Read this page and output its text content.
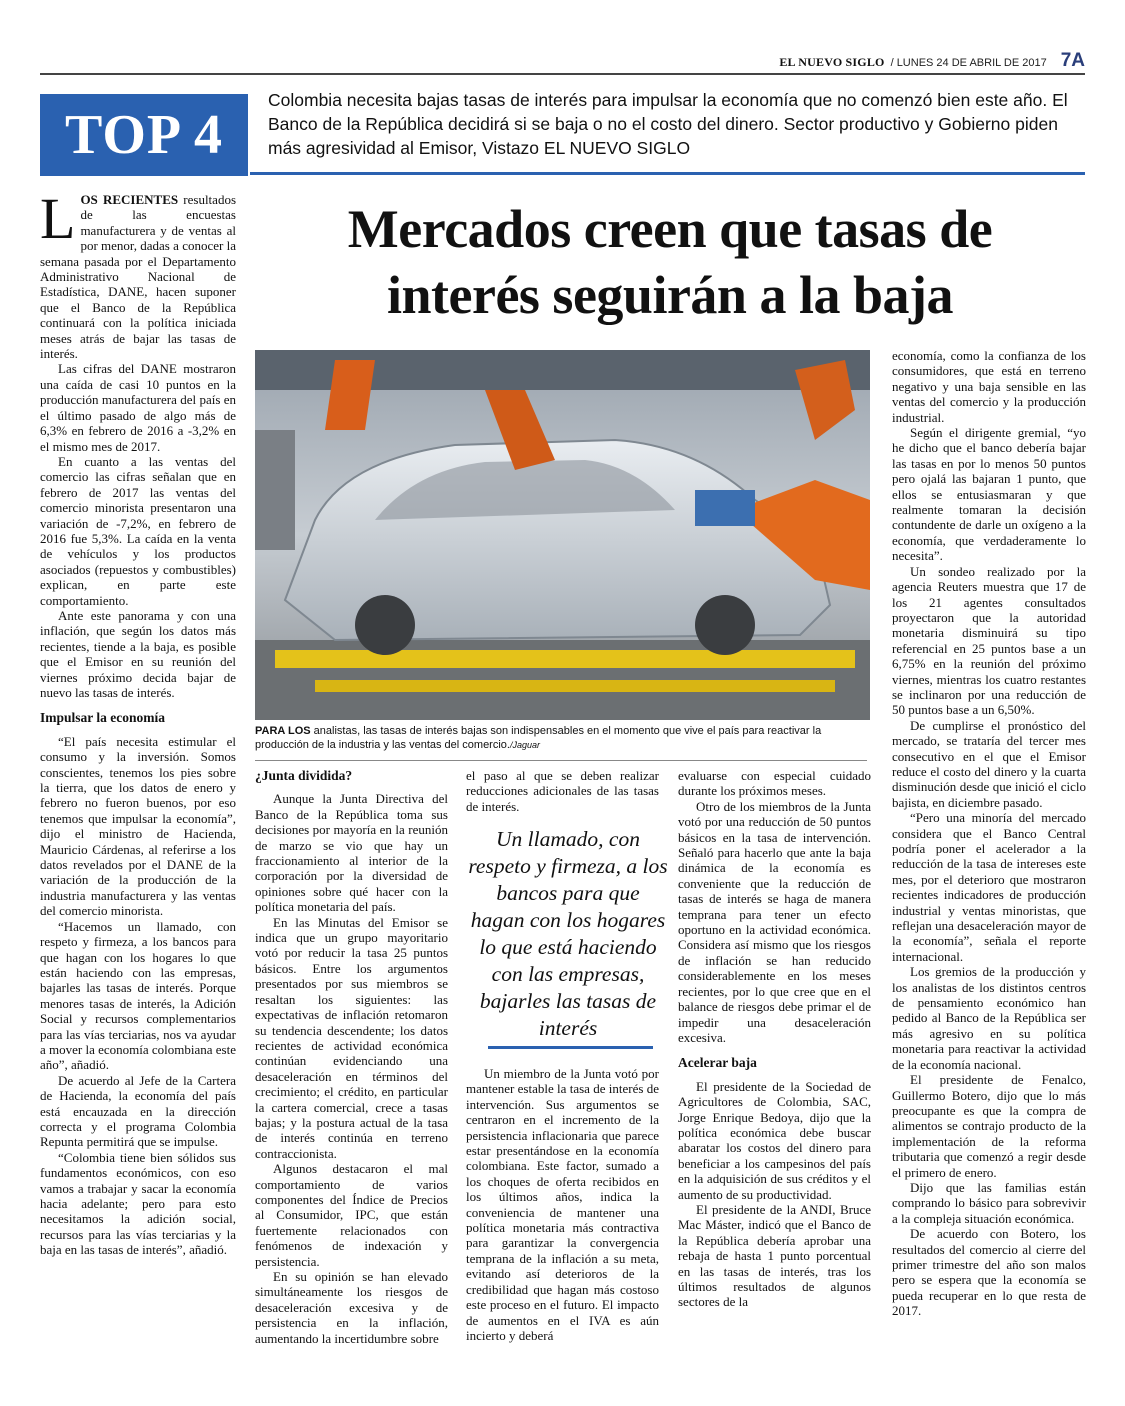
EL NUEVO SIGLO / LUNES 24 DE ABRIL DE 2017 7A
TOP 4
Colombia necesita bajas tasas de interés para impulsar la economía que no comenzó bien este año. El Banco de la República decidirá si se baja o no el costo del dinero. Sector productivo y Gobierno piden más agresividad al Emisor, Vistazo EL NUEVO SIGLO

LOS RECIENTES resultados de las encuestas manufacturera y de ventas al por menor, dadas a conocer la semana pasada por el Departamento Administrativo Nacional de Estadística, DANE, hacen suponer que el Banco de la República continuará con la política iniciada meses atrás de bajar las tasas de interés.

Las cifras del DANE mostraron una caída de casi 10 puntos en la producción manufacturera del país en el último pasado de algo más de 6,3% en febrero de 2016 a -3,2% en el mismo mes de 2017.

En cuanto a las ventas del comercio las cifras señalan que en febrero de 2017 las ventas del comercio minorista presentaron una variación de -7,2%, en febrero de 2016 fue 5,3%. La caída en la venta de vehículos y los productos asociados (repuestos y combustibles) explican, en parte este comportamiento.

Ante este panorama y con una inflación, que según los datos más recientes, tiende a la baja, es posible que el Emisor en su reunión del viernes próximo decida bajar de nuevo las tasas de interés.

Impulsar la economía

“El país necesita estimular el consumo y la inversión. Somos conscientes, tenemos los pies sobre la tierra, que los datos de enero y febrero no fueron buenos, por eso tenemos que impulsar la economía”, dijo el ministro de Hacienda, Mauricio Cárdenas, al referirse a los datos revelados por el DANE de la variación de la producción de la industria manufacturera y las ventas del comercio minorista.

“Hacemos un llamado, con respeto y firmeza, a los bancos para que hagan con los hogares lo que están haciendo con las empresas, bajarles las tasas de interés. Porque menores tasas de interés, la Adición Social y recursos complementarios para las vías terciarias, nos va ayudar a mover la economía colombiana este año”, añadió.

De acuerdo al Jefe de la Cartera de Hacienda, la economía del país está encauzada en la dirección correcta y el programa Colombia Repunta permitirá que se impulse.

“Colombia tiene bien sólidos sus fundamentos económicos, con eso vamos a trabajar y sacar la economía hacia adelante; pero para esto necesitamos la adición social, recursos para las vías terciarias y la baja en las tasas de interés”, añadió.

Mercados creen que tasas de interés seguirán a la baja
PARA LOS analistas, las tasas de interés bajas son indispensables en el momento que vive el país para reactivar la producción de la industria y las ventas del comercio./Jaguar
¿Junta dividida?

Aunque la Junta Directiva del Banco de la República toma sus decisiones por mayoría en la reunión de marzo se vio que hay un fraccionamiento al interior de la corporación por la diversidad de opiniones sobre qué hacer con la política monetaria del país.

En las Minutas del Emisor se indica que un grupo mayoritario votó por reducir la tasa 25 puntos básicos. Entre los argumentos presentados por sus miembros se resaltan los siguientes: las expectativas de inflación retomaron su tendencia descendente; los datos recientes de actividad económica continúan evidenciando una desaceleración en términos del crecimiento; el crédito, en particular la cartera comercial, crece a tasas bajas; y la postura actual de la tasa de interés continúa en terreno contraccionista.

Algunos destacaron el mal comportamiento de varios componentes del Índice de Precios al Consumidor, IPC, que están fuertemente relacionados con fenómenos de indexación y persistencia.

En su opinión se han elevado simultáneamente los riesgos de desaceleración excesiva y de persistencia en la inflación, aumentando la incertidumbre sobre

el paso al que se deben realizar reducciones adicionales de las tasas de interés.

Un llamado, con respeto y firmeza, a los bancos para que hagan con los hogares lo que está haciendo con las empresas, bajarles las tasas de interés

Un miembro de la Junta votó por mantener estable la tasa de interés de intervención. Sus argumentos se centraron en el incremento de la persistencia inflacionaria que parece estar presentándose en la economía colombiana. Este factor, sumado a los choques de oferta recibidos en los últimos años, indica la conveniencia de mantener una política monetaria más contractiva para garantizar la convergencia temprana de la inflación a su meta, evitando así deterioros de la credibilidad que hagan más costoso este proceso en el futuro. El impacto de aumentos en el IVA es aún incierto y deberá

evaluarse con especial cuidado durante los próximos meses.

Otro de los miembros de la Junta votó por una reducción de 50 puntos básicos en la tasa de intervención. Señaló para hacerlo que ante la baja dinámica de la economía es conveniente que la reducción de tasas de interés se haga de manera temprana para tener un efecto oportuno en la actividad económica. Considera así mismo que los riesgos de inflación se han reducido considerablemente en los meses recientes, por lo que cree que en el balance de riesgos debe primar el de impedir una desaceleración excesiva.

Acelerar baja

El presidente de la Sociedad de Agricultores de Colombia, SAC, Jorge Enrique Bedoya, dijo que la política económica debe buscar abaratar los costos del dinero para beneficiar a los campesinos del país en la adquisición de sus créditos y el aumento de su productividad.

El presidente de la ANDI, Bruce Mac Máster, indicó que el Banco de la República debería aprobar una rebaja de hasta 1 punto porcentual en las tasas de interés, tras los últimos resultados de algunos sectores de la

economía, como la confianza de los consumidores, que está en terreno negativo y una baja sensible en las ventas del comercio y la producción industrial.

Según el dirigente gremial, “yo he dicho que el banco debería bajar las tasas en por lo menos 50 puntos pero ojalá las bajaran 1 punto, que ellos se entusiasmaran y que realmente tomaran la decisión contundente de darle un oxígeno a la economía, que verdaderamente lo necesita”.

Un sondeo realizado por la agencia Reuters muestra que 17 de los 21 agentes consultados proyectaron que la autoridad monetaria disminuirá su tipo referencial en 25 puntos base a un 6,75% en la reunión del próximo viernes, mientras los cuatro restantes se inclinaron por una reducción de 50 puntos base a un 6,50%.

De cumplirse el pronóstico del mercado, se trataría del tercer mes consecutivo en el que el Emisor reduce el costo del dinero y la cuarta disminución desde que inició el ciclo bajista, en diciembre pasado.

“Pero una minoría del mercado considera que el Banco Central podría poner el acelerador a la reducción de la tasa de intereses este mes, por el deterioro que mostraron recientes indicadores de producción industrial y ventas minoristas, que reflejan una desaceleración mayor de la economía”, señala el reporte internacional.

Los gremios de la producción y los analistas de los distintos centros de pensamiento económico han pedido al Banco de la República ser más agresivo en su política monetaria para reactivar la actividad de la economía nacional.

El presidente de Fenalco, Guillermo Botero, dijo que lo más preocupante es que la compra de alimentos se contrajo producto de la implementación de la reforma tributaria que comenzó a regir desde el primero de enero.

Dijo que las familias están comprando lo básico para sobrevivir a la compleja situación económica.

De acuerdo con Botero, los resultados del comercio al cierre del primer trimestre del año son malos pero se espera que la economía se pueda recuperar en lo que resta de 2017.
